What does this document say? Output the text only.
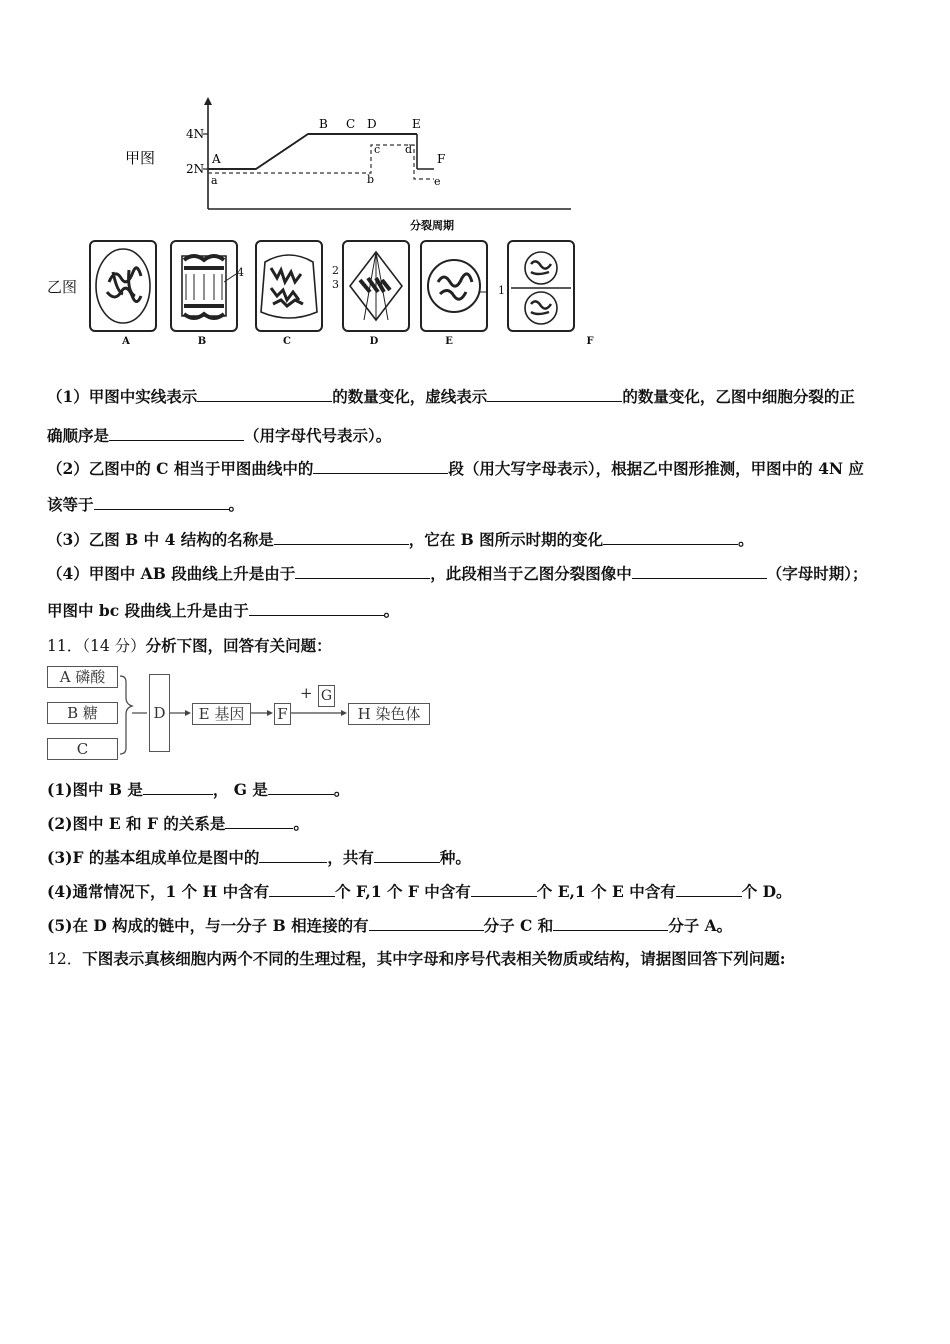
甲图
4N
2N
A
B C D	E
F
a	b
c d
e
分裂周期
乙图
A
4
B	C
2
3
D
1
E	F
（1）甲图中实线表示	的数量变化，虚线表示	的数量变化，乙图中细胞分裂的正
确顺序是	（用字母代号表示）。
（2）乙图中的 C 相当于甲图曲线中的	段（用大写字母表示），根据乙中图形推测，甲图中的 4N 应
该等于	。
（3）乙图 B 中 4 结构的名称是	，它在 B 图所示时期的变化	。
（4）甲图中 AB 段曲线上升是由于	，此段相当于乙图分裂图像中	（字母时期）；
甲图中 bc 段曲线上升是由于	。
11．（14 分）分析下图，回答有关问题：
A 磷酸
B 糖
C
D	E 基因	F
+ G
H 染色体
(1)图中 B 是	， G 是	。
(2)图中 E 和 F 的关系是	。
(3)F 的基本组成单位是图中的	，共有	种。
(4)通常情况下，1 个 H 中含有	个 F,1 个 F 中含有	个 E,1 个 E 中含有	个 D。
(5)在 D 构成的链中，与一分子 B 相连接的有	分子 C 和	分子 A。
12．下图表示真核细胞内两个不同的生理过程，其中字母和序号代表相关物质或结构，请据图回答下列问题:
